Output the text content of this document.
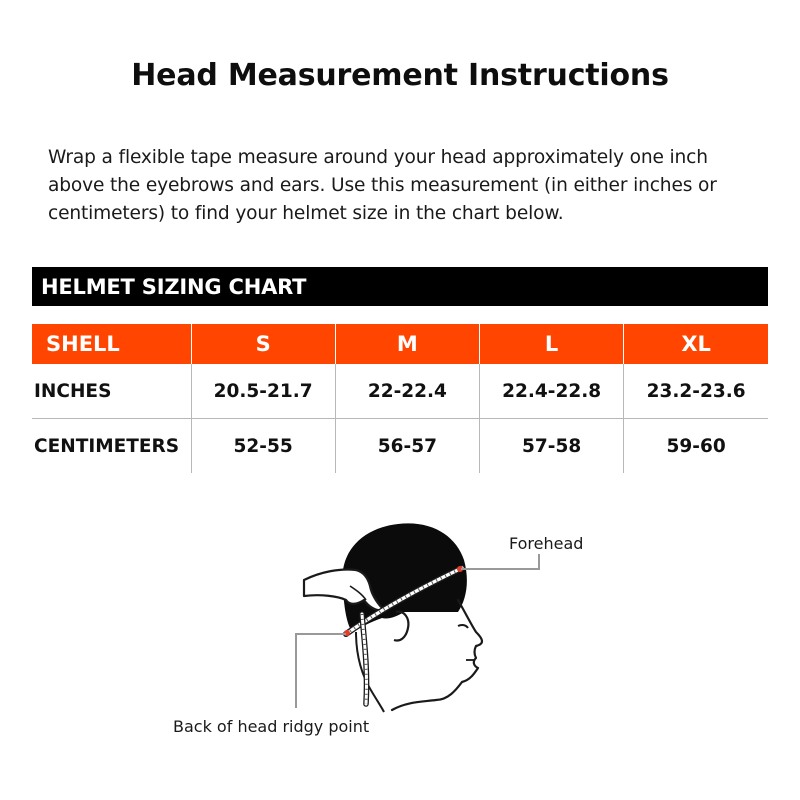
Head Measurement Instructions
Wrap a flexible tape measure around your head approximately one inch above the eyebrows and ears. Use this measurement (in either inches or centimeters) to find your helmet size in the chart below.
HELMET SIZING CHART
SHELL	S	M	L	XL
INCHES	20.5-21.7	22-22.4	22.4-22.8	23.2-23.6
CENTIMETERS	52-55	56-57	57-58	59-60
Forehead
Back of head ridgy point
